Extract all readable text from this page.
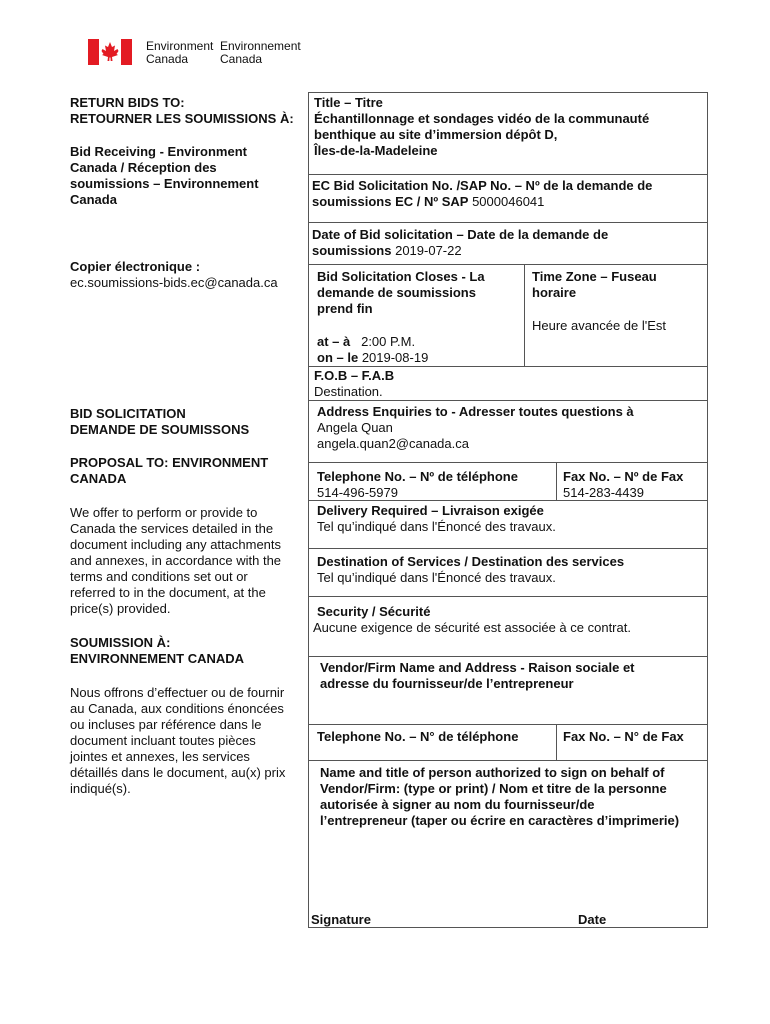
Environment
Canada
Environnement
Canada
RETURN BIDS TO:
RETOURNER LES SOUMISSIONS À:
Bid Receiving - Environment
Canada / Réception des
soumissions – Environnement
Canada
Copier électronique :
ec.soumissions-bids.ec@canada.ca
BID SOLICITATION
DEMANDE DE SOUMISSONS
PROPOSAL TO: ENVIRONMENT
CANADA
We offer to perform or provide to
Canada the services detailed in the
document including any attachments
and annexes, in accordance with the
terms and conditions set out or
referred to in the document, at the
price(s) provided.
SOUMISSION À:
ENVIRONNEMENT CANADA
Nous offrons d’effectuer ou de fournir
au Canada, aux conditions énoncées
ou incluses par référence dans le
document incluant toutes pièces
jointes et annexes, les services
détaillés dans le document, au(x) prix
indiqué(s).
Title – Titre
Échantillonnage et sondages vidéo de la communauté
benthique au site d’immersion dépôt D,
Îles-de-la-Madeleine
EC Bid Solicitation No. /SAP No. – Nº de la demande de
soumissions EC / Nº SAP 5000046041
Date of Bid solicitation – Date de la demande de
soumissions 2019-07-22
Bid Solicitation Closes - La
demande de soumissions
prend fin
Time Zone – Fuseau
horaire
Heure avancée de l'Est
at – à 2:00 P.M.
on – le 2019-08-19
F.O.B – F.A.B
Destination.
Address Enquiries to - Adresser toutes questions à
Angela Quan
angela.quan2@canada.ca
Telephone No. – Nº de téléphone
514-496-5979
Fax No. – Nº de Fax
514-283-4439
Delivery Required – Livraison exigée
Tel qu’indiqué dans l'Énoncé des travaux.
Destination of Services / Destination des services
Tel qu’indiqué dans l'Énoncé des travaux.
Security / Sécurité
Aucune exigence de sécurité est associée à ce contrat.
Vendor/Firm Name and Address - Raison sociale et
adresse du fournisseur/de l’entrepreneur
Telephone No. – N° de téléphone	Fax No. – N° de Fax
Name and title of person authorized to sign on behalf of
Vendor/Firm: (type or print) / Nom et titre de la personne
autorisée à signer au nom du fournisseur/de
l’entrepreneur (taper ou écrire en caractères d’imprimerie)
Signature	Date
